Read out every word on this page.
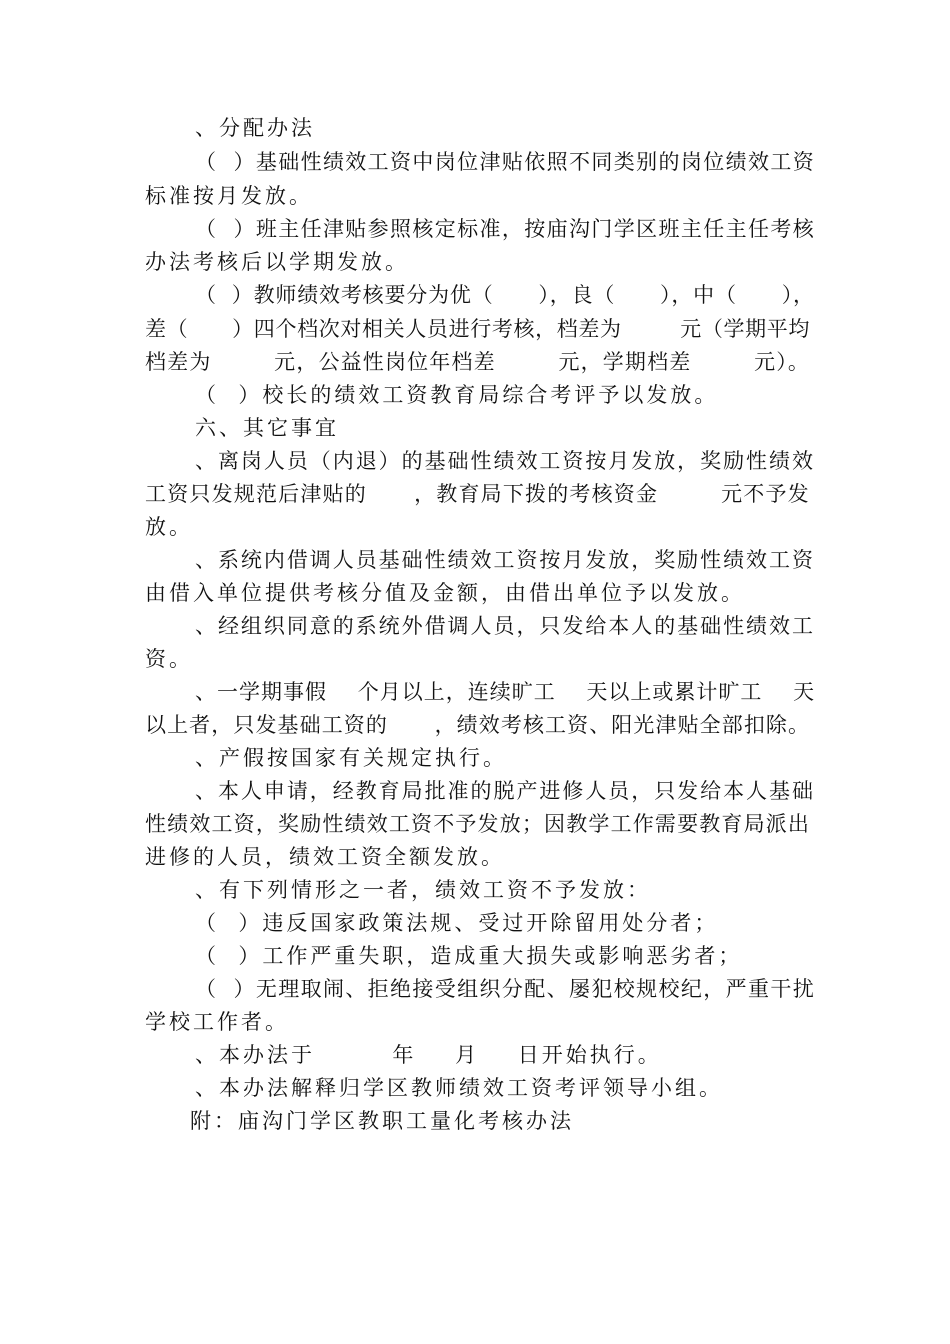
、分配办法

（  ）基础性绩效工资中岗位津贴依照不同类别的岗位绩效工资

标准按月发放。

（  ）班主任津贴参照核定标准，按庙沟门学区班主任主任考核

办法考核后以学期发放。

（  ）教师绩效考核要分为优（      ），良（      ），中（      ），

差（      ）四个档次对相关人员进行考核，档差为        元（学期平均

档差为        元，公益性岗位年档差        元，学期档差        元）。

（  ）校长的绩效工资教育局综合考评予以发放。

六、其它事宜

、离岗人员（内退）的基础性绩效工资按月发放，奖励性绩效

工资只发规范后津贴的      ，教育局下拨的考核资金        元不予发

放。

、系统内借调人员基础性绩效工资按月发放，奖励性绩效工资

由借入单位提供考核分值及金额，由借出单位予以发放。

、经组织同意的系统外借调人员，只发给本人的基础性绩效工

资。

、一学期事假    个月以上，连续旷工    天以上或累计旷工    天

以上者，只发基础工资的      ，绩效考核工资、阳光津贴全部扣除。

、产假按国家有关规定执行。

、本人申请，经教育局批准的脱产进修人员，只发给本人基础

性绩效工资，奖励性绩效工资不予发放；因教学工作需要教育局派出

进修的人员，绩效工资全额发放。

、有下列情形之一者，绩效工资不予发放：

（  ）违反国家政策法规、受过开除留用处分者；

（  ）工作严重失职，造成重大损失或影响恶劣者；

（  ）无理取闹、拒绝接受组织分配、屡犯校规校纪，严重干扰

学校工作者。

、本办法于        年    月    日开始执行。

、本办法解释归学区教师绩效工资考评领导小组。

附：庙沟门学区教职工量化考核办法
